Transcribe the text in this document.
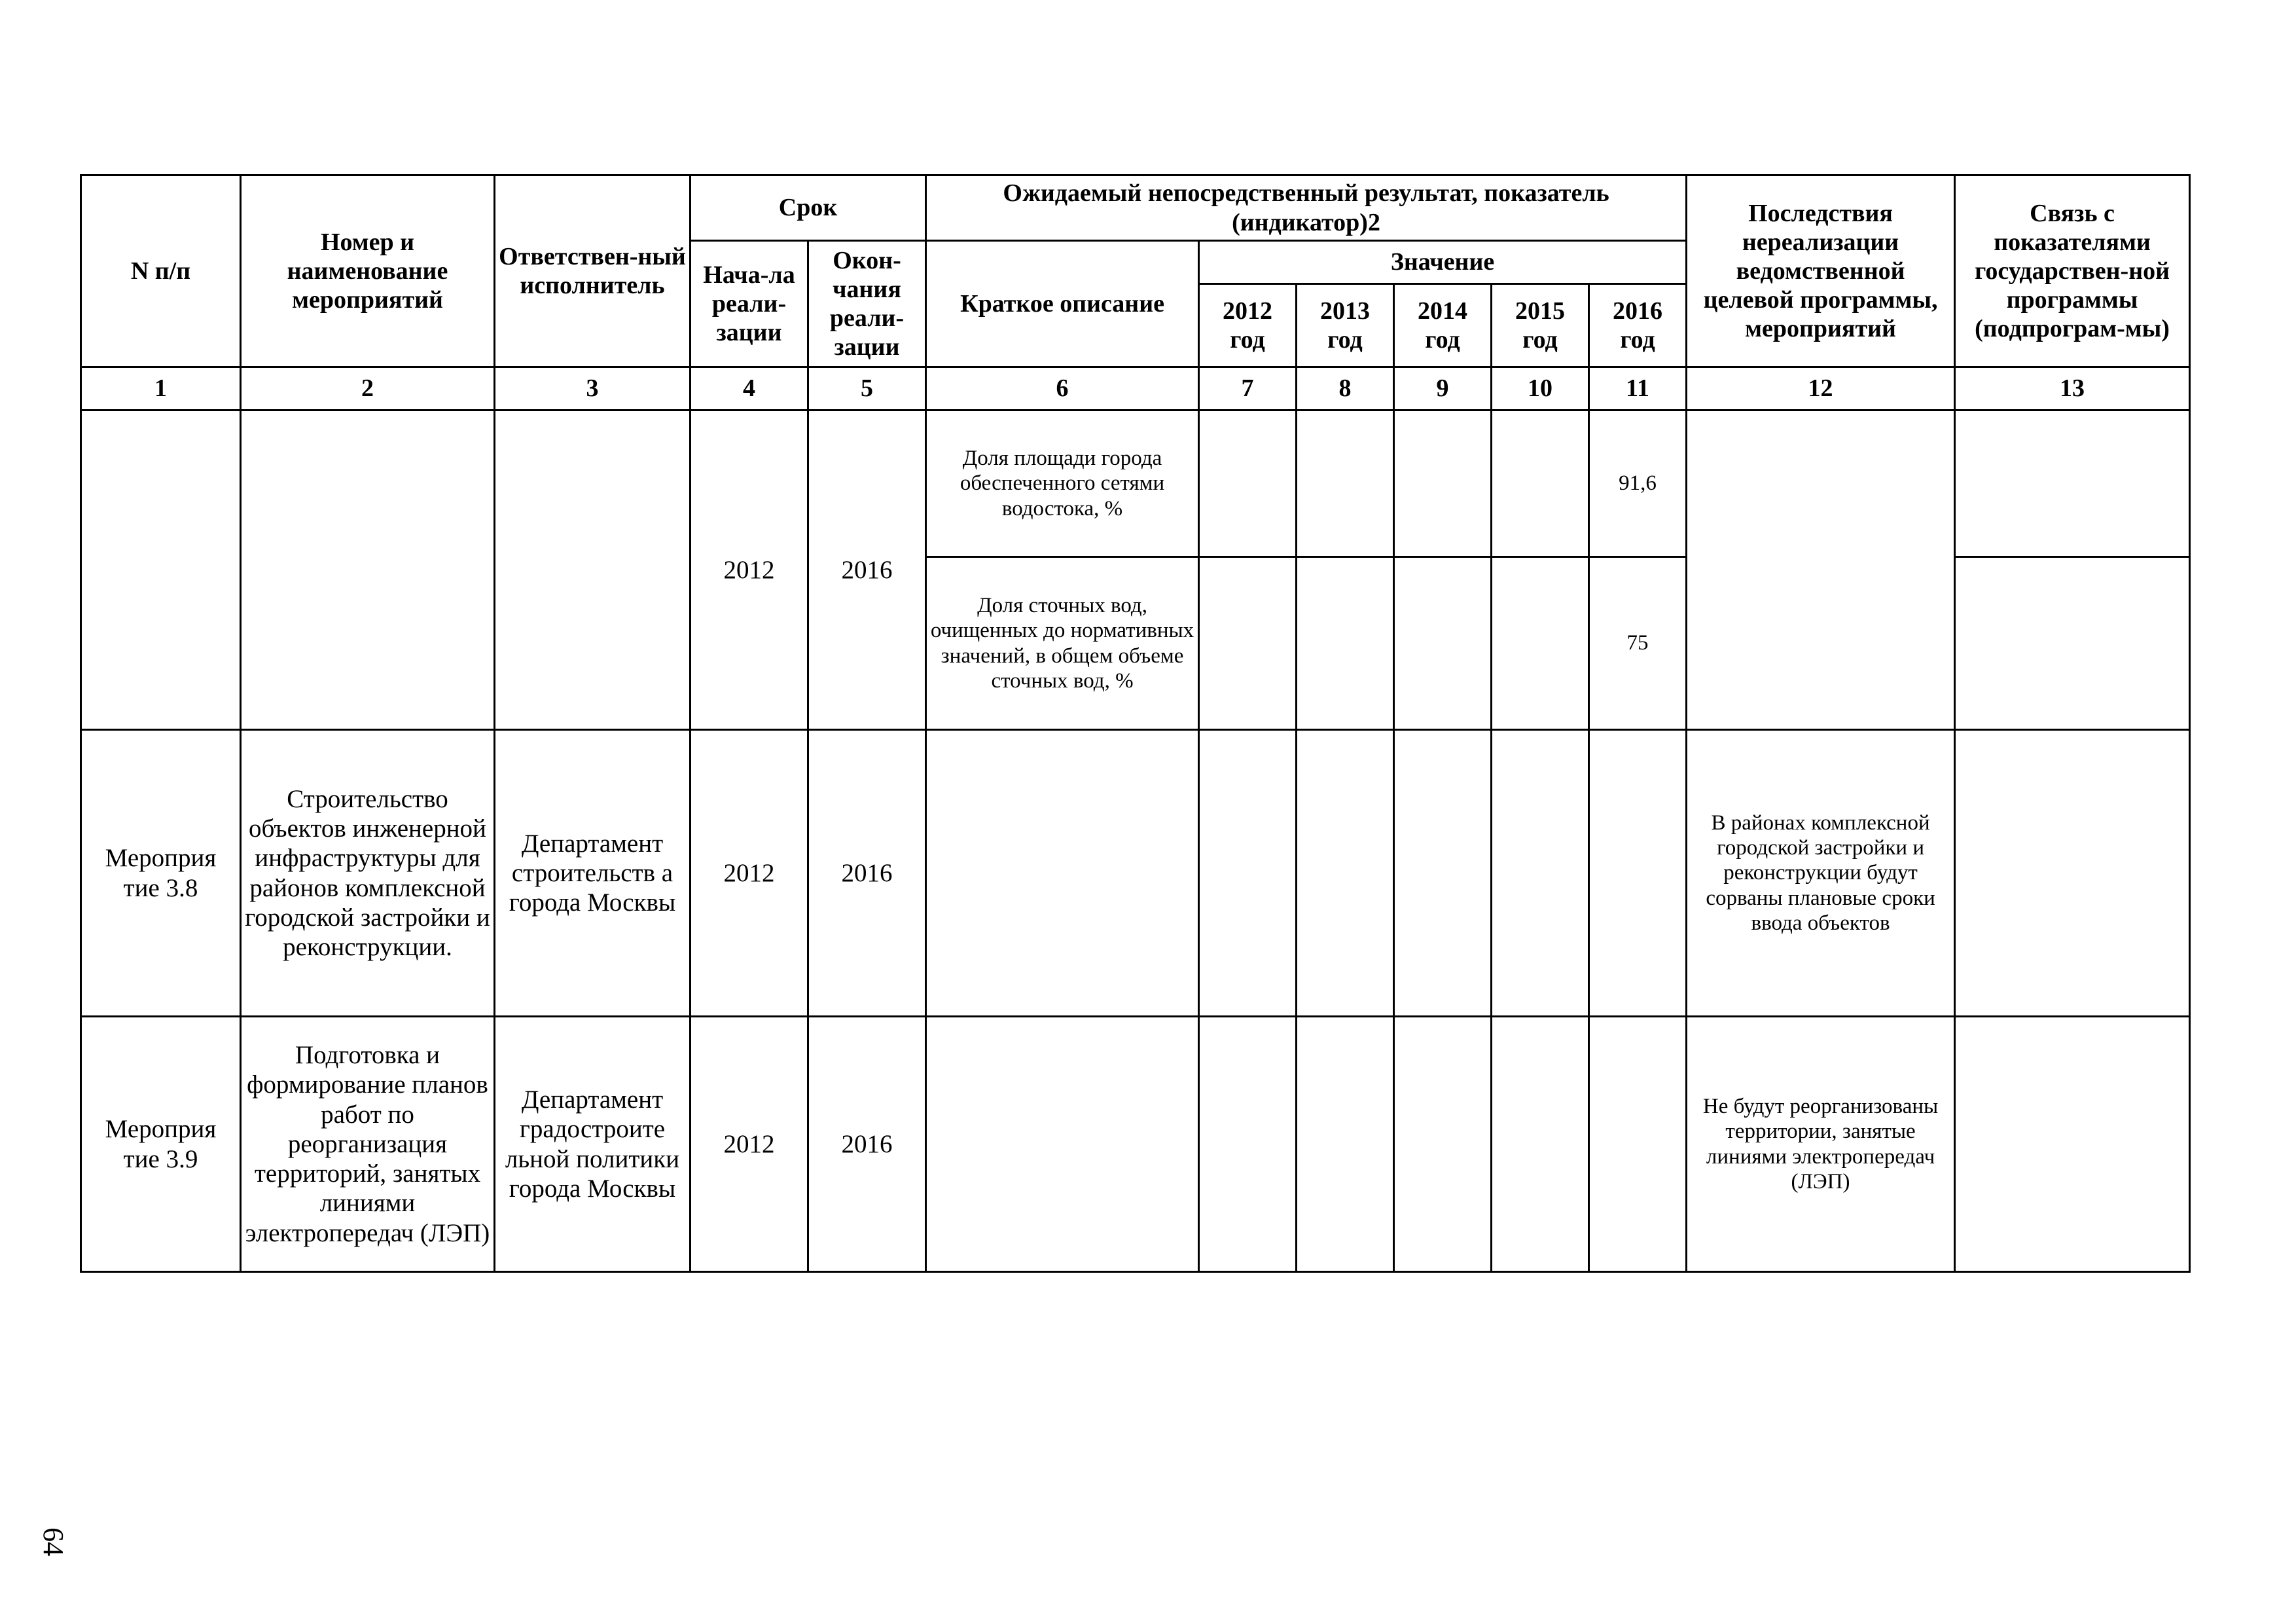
N п/п	Номер и наименование мероприятий	Ответствен-ный исполнитель	Срок		Ожидаемый непосредственный результат, показатель (индикатор)2						Последствия нереализации ведомственной целевой программы, мероприятий	Связь с показателями государствен-ной программы (подпрограм-мы)
			Нача-ла реали-зации	Окон-чания реали-зации	Краткое описание	Значение						
						2012 год	2013 год	2014 год	2015 год	2016 год		
1	2	3	4	5	6	7	8	9	10	11	12	13
			2012	2016	Доля площади города обеспеченного сетями водостока, %					91,6		
					Доля сточных вод, очищенных до нормативных значений, в общем объеме сточных вод, %					75		
Мероприя тие 3.8	Строительство объектов инженерной инфраструктуры для районов комплексной городской застройки и реконструкции.	Департамент строительств а города Москвы	2012	2016							В районах комплексной городской застройки и реконструкции будут сорваны плановые сроки ввода объектов	
Мероприя тие 3.9	Подготовка и формирование планов работ по реорганизация территорий, занятых линиями электропередач (ЛЭП)	Департамент градостроите льной политики города Москвы	2012	2016							Не будут реорганизованы территории, занятые линиями электропередач (ЛЭП)	
64
